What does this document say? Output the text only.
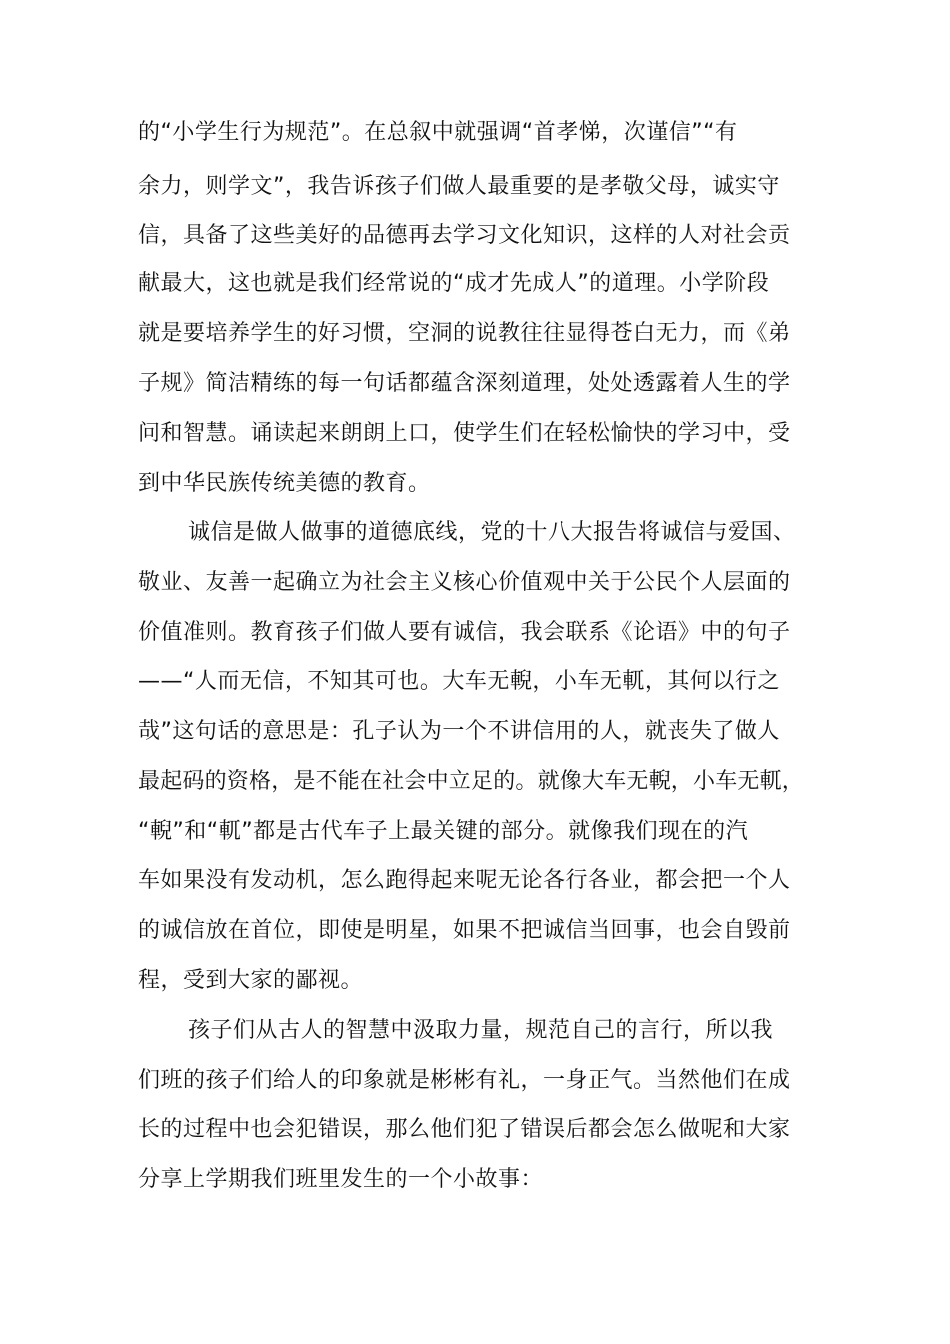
的“小学生行为规范”。在总叙中就强调“首孝悌，次谨信”“有
余力，则学文”，我告诉孩子们做人最重要的是孝敬父母，诚实守
信，具备了这些美好的品德再去学习文化知识，这样的人对社会贡
献最大，这也就是我们经常说的“成才先成人”的道理。小学阶段
就是要培养学生的好习惯，空洞的说教往往显得苍白无力，而《弟
子规》简洁精练的每一句话都蕴含深刻道理，处处透露着人生的学
问和智慧。诵读起来朗朗上口，使学生们在轻松愉快的学习中，受
到中华民族传统美德的教育。
诚信是做人做事的道德底线，党的十八大报告将诚信与爱国、
敬业、友善一起确立为社会主义核心价值观中关于公民个人层面的
价值准则。教育孩子们做人要有诚信，我会联系《论语》中的句子
——“人而无信，不知其可也。大车无輗，小车无軏，其何以行之
哉”这句话的意思是：孔子认为一个不讲信用的人，就丧失了做人
最起码的资格，是不能在社会中立足的。就像大车无輗，小车无軏，
“輗”和“軏”都是古代车子上最关键的部分。就像我们现在的汽
车如果没有发动机，怎么跑得起来呢无论各行各业，都会把一个人
的诚信放在首位，即使是明星，如果不把诚信当回事，也会自毁前
程，受到大家的鄙视。
孩子们从古人的智慧中汲取力量，规范自己的言行，所以我
们班的孩子们给人的印象就是彬彬有礼，一身正气。当然他们在成
长的过程中也会犯错误，那么他们犯了错误后都会怎么做呢和大家
分享上学期我们班里发生的一个小故事：
